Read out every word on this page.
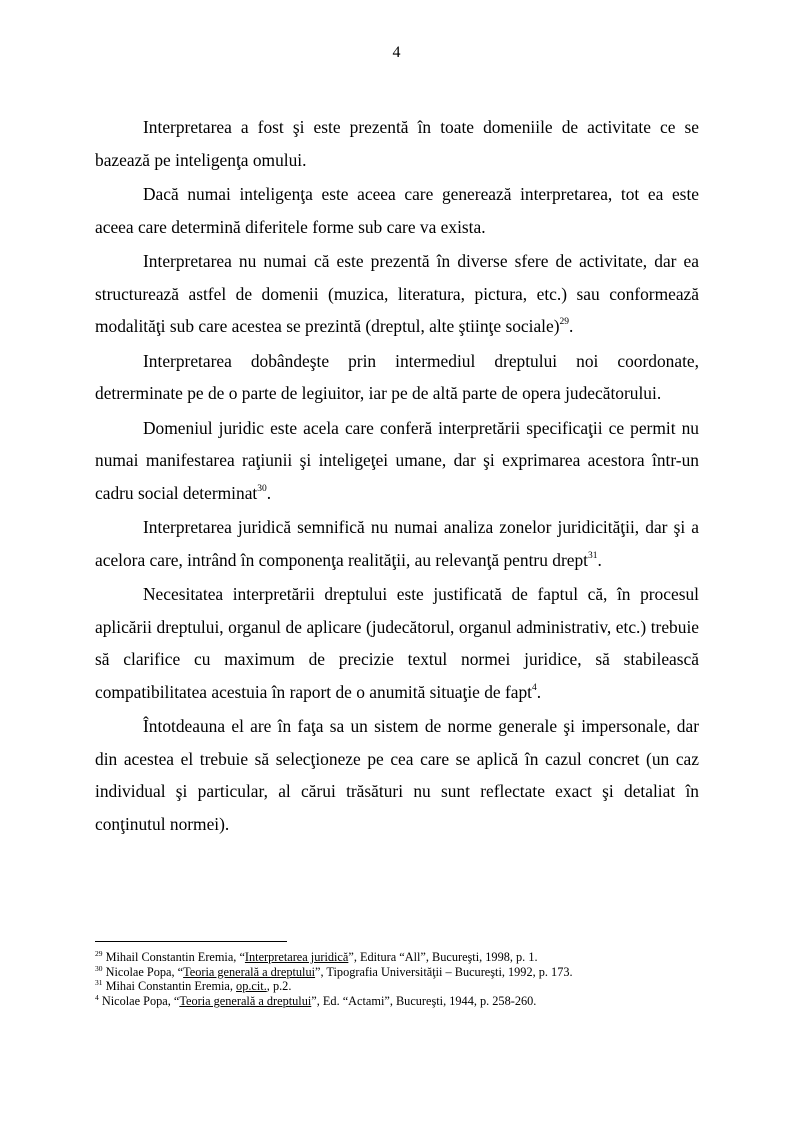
4

Interpretarea a fost şi este prezentă în toate domeniile de activitate ce se bazează pe inteligenţa omului.

Dacă numai inteligenţa este aceea care generează interpretarea, tot ea este aceea care determină diferitele forme sub care va exista.

Interpretarea nu numai că este prezentă în diverse sfere de activitate, dar ea structurează astfel de domenii (muzica, literatura, pictura, etc.) sau conformează modalităţi sub care acestea se prezintă (dreptul, alte ştiinţe sociale)$^{29}$.

Interpretarea dobândeşte prin intermediul dreptului noi coordonate, detrerminate pe de o parte de legiuitor, iar pe de altă parte de opera judecătorului.

Domeniul juridic este acela care conferă interpretării specificaţii ce permit nu numai manifestarea raţiunii şi inteligeţei umane, dar şi exprimarea acestora într-un cadru social determinat$^{30}$.

Interpretarea juridică semnifică nu numai analiza zonelor juridicităţii, dar şi a acelora care, intrând în componenţa realităţii, au relevanţă pentru drept$^{31}$.

Necesitatea interpretării dreptului este justificată de faptul că, în procesul aplicării dreptului, organul de aplicare (judecătorul, organul administrativ, etc.) trebuie să clarifice cu maximum de precizie textul normei juridice, să stabilească compatibilitatea acestuia în raport de o anumită situaţie de fapt$^4$.

Întotdeauna el are în faţa sa un sistem de norme generale şi impersonale, dar din acestea el trebuie să selecţioneze pe cea care se aplică în cazul concret (un caz individual şi particular, al cărui trăsături nu sunt reflectate exact şi detaliat în conţinutul normei).

$^{29}$ Mihail Constantin Eremia, “Interpretarea juridică”, Editura “All”, Bucureşti, 1998, p. 1.
$^{30}$ Nicolae Popa, “Teoria generală a dreptului”, Tipografia Universităţii – Bucureşti, 1992, p. 173.
$^{31}$ Mihai Constantin Eremia, op.cit., p.2.
$^4$ Nicolae Popa, “Teoria generală a dreptului”, Ed. “Actami”, Bucureşti, 1944, p. 258-260.
